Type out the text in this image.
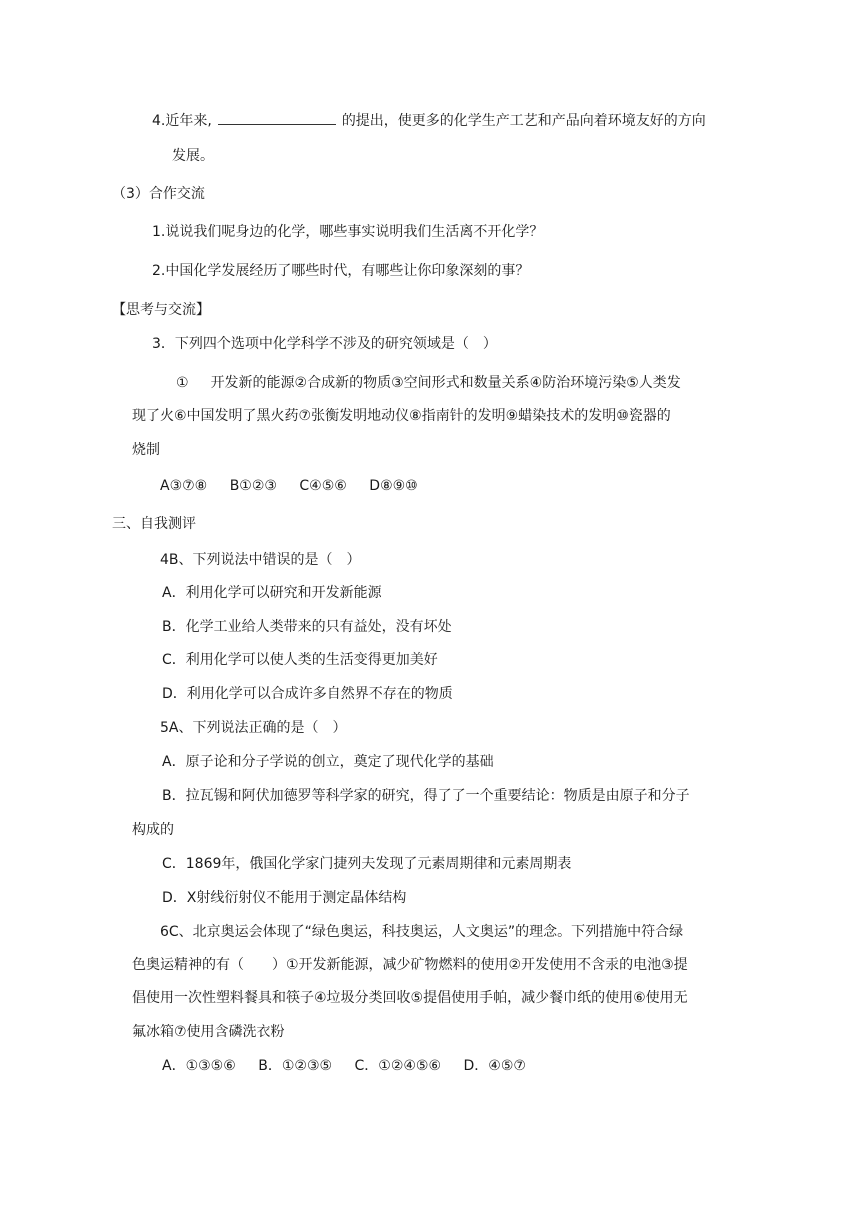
4.近年来,	的提出，使更多的化学生产工艺和产品向着环境友好的方向
发展。
（3）合作交流
1.说说我们呢身边的化学，哪些事实说明我们生活离不开化学？
2.中国化学发展经历了哪些时代，有哪些让你印象深刻的事？
【思考与交流】
3．下列四个选项中化学科学不涉及的研究领域是（　）
① 开发新的能源②合成新的物质③空间形式和数量关系④防治环境污染⑤人类发
现了火⑥中国发明了黑火药⑦张衡发明地动仪⑧指南针的发明⑨蜡染技术的发明⑩瓷器的
烧制
A③⑦⑧ B①②③ C④⑤⑥ D⑧⑨⑩
三、自我测评
4B、下列说法中错误的是（　）
A．利用化学可以研究和开发新能源
B．化学工业给人类带来的只有益处，没有坏处
C．利用化学可以使人类的生活变得更加美好
D．利用化学可以合成许多自然界不存在的物质
5A、下列说法正确的是（　）
A．原子论和分子学说的创立，奠定了现代化学的基础
B．拉瓦锡和阿伏加德罗等科学家的研究，得了了一个重要结论：物质是由原子和分子
构成的
C．1869年，俄国化学家门捷列夫发现了元素周期律和元素周期表
D．X射线衍射仪不能用于测定晶体结构
6C、北京奥运会体现了“绿色奥运，科技奥运，人文奥运”的理念。下列措施中符合绿
色奥运精神的有（　　）①开发新能源，减少矿物燃料的使用②开发使用不含汞的电池③提
倡使用一次性塑料餐具和筷子④垃圾分类回收⑤提倡使用手帕，减少餐巾纸的使用⑥使用无
氟冰箱⑦使用含磷洗衣粉
A．①③⑤⑥ B．①②③⑤ C．①②④⑤⑥ D．④⑤⑦
